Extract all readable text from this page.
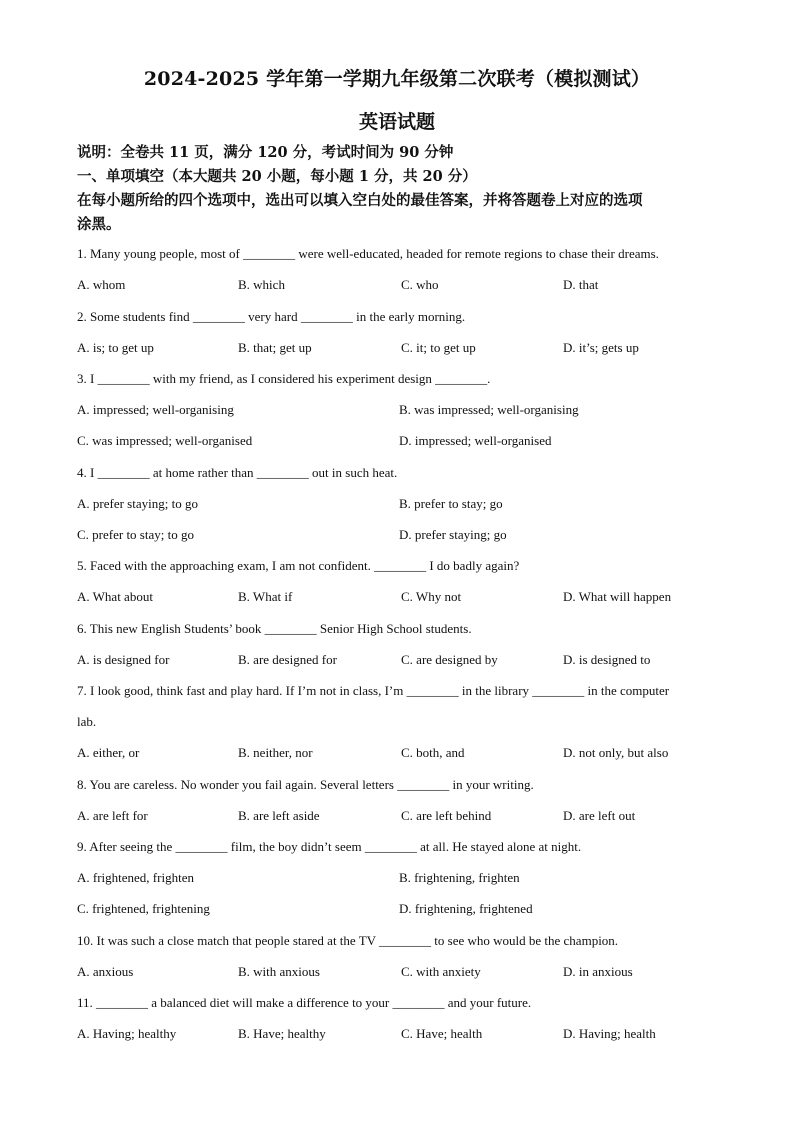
2024-2025 学年第一学期九年级第二次联考（模拟测试）
英语试题
说明：全卷共 11 页，满分 120 分，考试时间为 90 分钟
一、单项填空（本大题共 20 小题，每小题 1 分，共 20 分）
在每小题所给的四个选项中，选出可以填入空白处的最佳答案，并将答题卷上对应的选项
涂黑。
1. Many young people, most of ________ were well-educated, headed for remote regions to chase their dreams.
A. whom	B. which	C. who	D. that
2. Some students find ________ very hard ________ in the early morning.
A. is; to get up	B. that; get up	C. it; to get up	D. it’s; gets up
3. I ________ with my friend, as I considered his experiment design ________.
A. impressed; well-organising	B. was impressed; well-organising
C. was impressed; well-organised	D. impressed; well-organised
4. I ________ at home rather than ________ out in such heat.
A. prefer staying; to go	B. prefer to stay; go
C. prefer to stay; to go	D. prefer staying; go
5. Faced with the approaching exam, I am not confident. ________ I do badly again?
A. What about	B. What if	C. Why not	D. What will happen
6. This new English Students’ book ________ Senior High School students.
A. is designed for	B. are designed for	C. are designed by	D. is designed to
7. I look good, think fast and play hard. If I’m not in class, I’m ________ in the library ________ in the computer
lab.
A. either, or	B. neither, nor	C. both, and	D. not only, but also
8. You are careless. No wonder you fail again. Several letters ________ in your writing.
A. are left for	B. are left aside	C. are left behind	D. are left out
9. After seeing the ________ film, the boy didn’t seem ________ at all. He stayed alone at night.
A. frightened, frighten	B. frightening, frighten
C. frightened, frightening	D. frightening, frightened
10. It was such a close match that people stared at the TV ________ to see who would be the champion.
A. anxious	B. with anxious	C. with anxiety	D. in anxious
11. ________ a balanced diet will make a difference to your ________ and your future.
A. Having; healthy	B. Have; healthy	C. Have; health	D. Having; health
